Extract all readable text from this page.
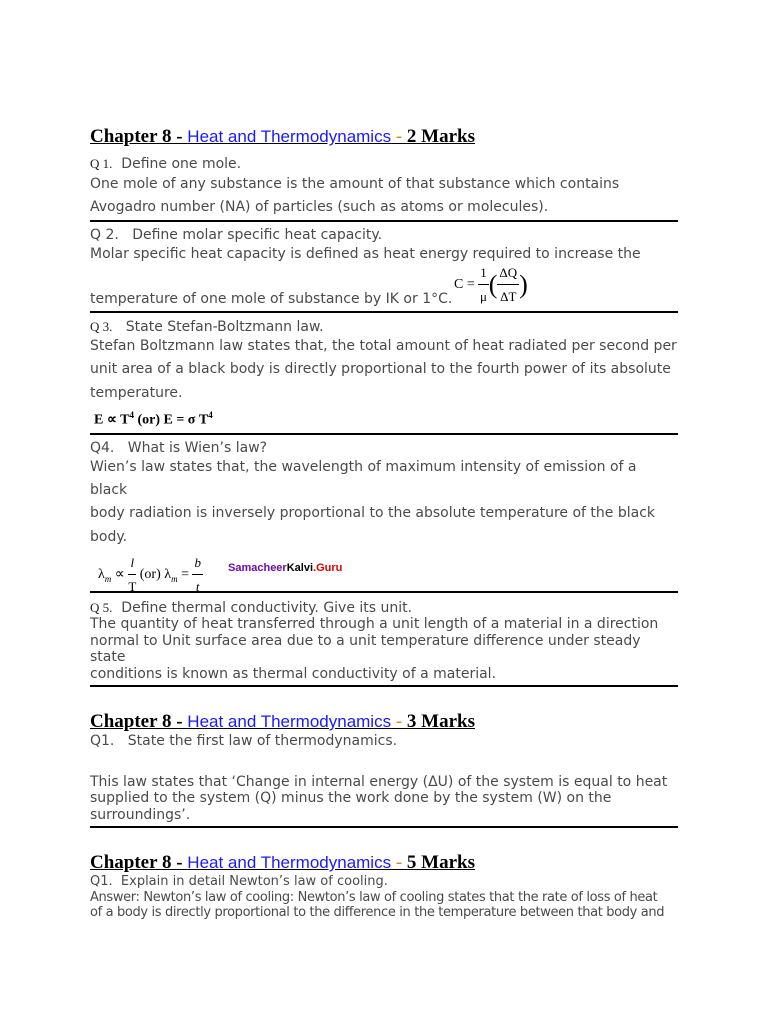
Chapter 8 - Heat and Thermodynamics - 2 Marks
Q 1. Define one mole.
One mole of any substance is the amount of that substance which contains
Avogadro number (NA) of particles (such as atoms or molecules).
Q 2. Define molar specific heat capacity.
Molar specific heat capacity is defined as heat energy required to increase the
temperature of one mole of substance by IK or 1°C.
$C = \frac{1}{\mu}$ ( $\frac{\Delta Q}{\Delta T}$ )
Q 3. State Stefan-Boltzmann law.
Stefan Boltzmann law states that, the total amount of heat radiated per second per
unit area of a black body is directly proportional to the fourth power of its absolute
temperature.
$E \propto T^4$ (or) E = σ $T^4$
Q4. What is Wien’s law?
Wien’s law states that, the wavelength of maximum intensity of emission of a black
body radiation is inversely proportional to the absolute temperature of the black
body.
$\lambda_m \propto \frac{l}{T} (or) \lambda_m = \frac{b}{t}$ SamacheerKalvi.Guru
Q 5. Define thermal conductivity. Give its unit.
The quantity of heat transferred through a unit length of a material in a direction
normal to Unit surface area due to a unit temperature difference under steady state
conditions is known as thermal conductivity of a material.
Chapter 8 - Heat and Thermodynamics - 3 Marks
Q1. State the first law of thermodynamics.
This law states that ‘Change in internal energy (ΔU) of the system is equal to heat
supplied to the system (Q) minus the work done by the system (W) on the
surroundings’.
Chapter 8 - Heat and Thermodynamics - 5 Marks
Q1. Explain in detail Newton’s law of cooling.
Answer: Newton’s law of cooling: Newton’s law of cooling states that the rate of loss of heat
of a body is directly proportional to the difference in the temperature between that body and
